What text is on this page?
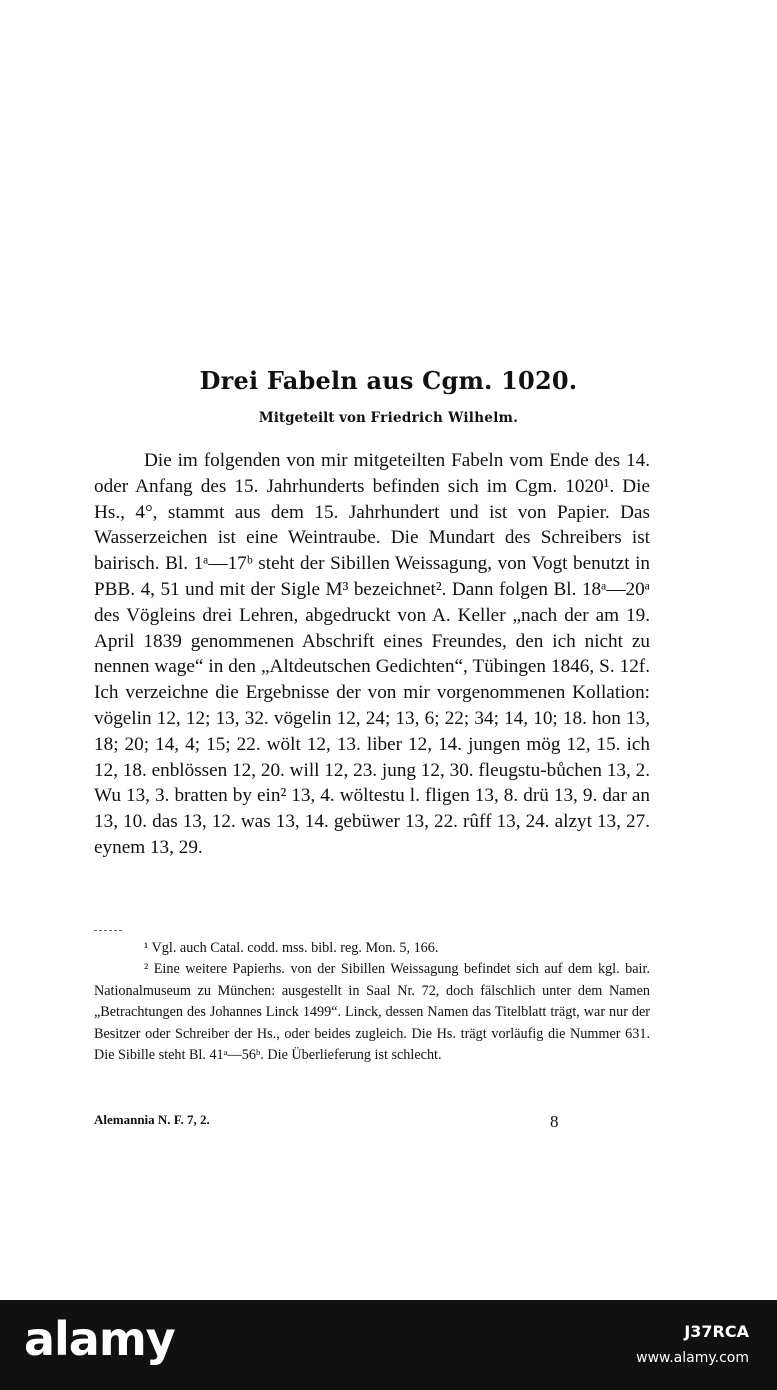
Drei Fabeln aus Cgm. 1020.
Mitgeteilt von Friedrich Wilhelm.

Die im folgenden von mir mitgeteilten Fabeln vom Ende des 14. oder Anfang des 15. Jahrhunderts befinden sich im Cgm. 1020¹. Die Hs., 4°, stammt aus dem 15. Jahrhundert und ist von Papier. Das Wasserzeichen ist eine Weintraube. Die Mundart des Schreibers ist bairisch. Bl. 1ᵃ—17ᵇ steht der Sibillen Weissagung, von Vogt benutzt in PBB. 4, 51 und mit der Sigle M³ bezeichnet². Dann folgen Bl. 18ᵃ—20ᵃ des Vögleins drei Lehren, abgedruckt von A. Keller „nach der am 19. April 1839 genommenen Abschrift eines Freundes, den ich nicht zu nennen wage“ in den „Altdeutschen Gedichten“, Tübingen 1846, S. 12f. Ich verzeichne die Ergebnisse der von mir vorgenommenen Kollation: vögelin 12, 12; 13, 32. vögelin 12, 24; 13, 6; 22; 34; 14, 10; 18. hon 13, 18; 20; 14, 4; 15; 22. wölt 12, 13. liber 12, 14. jungen mög 12, 15. ich 12, 18. enblössen 12, 20. will 12, 23. jung 12, 30. fleugstu-bůchen 13, 2. Wu 13, 3. bratten by ein² 13, 4. wöltestu l. fligen 13, 8. drü 13, 9. dar an 13, 10. das 13, 12. was 13, 14. gebüwer 13, 22. rûff 13, 24. alzyt 13, 27. eynem 13, 29.

¹ Vgl. auch Catal. codd. mss. bibl. reg. Mon. 5, 166.

² Eine weitere Papierhs. von der Sibillen Weissagung befindet sich auf dem kgl. bair. Nationalmuseum zu München: ausgestellt in Saal Nr. 72, doch fälschlich unter dem Namen „Betrachtungen des Johannes Linck 1499“. Linck, dessen Namen das Titelblatt trägt, war nur der Besitzer oder Schreiber der Hs., oder beides zugleich. Die Hs. trägt vorläufig die Nummer 631. Die Sibille steht Bl. 41ᵃ—56ᵇ. Die Überlieferung ist schlecht.

Alemannia N. F. 7, 2.	8
alamy	J37RCA
www.alamy.com
